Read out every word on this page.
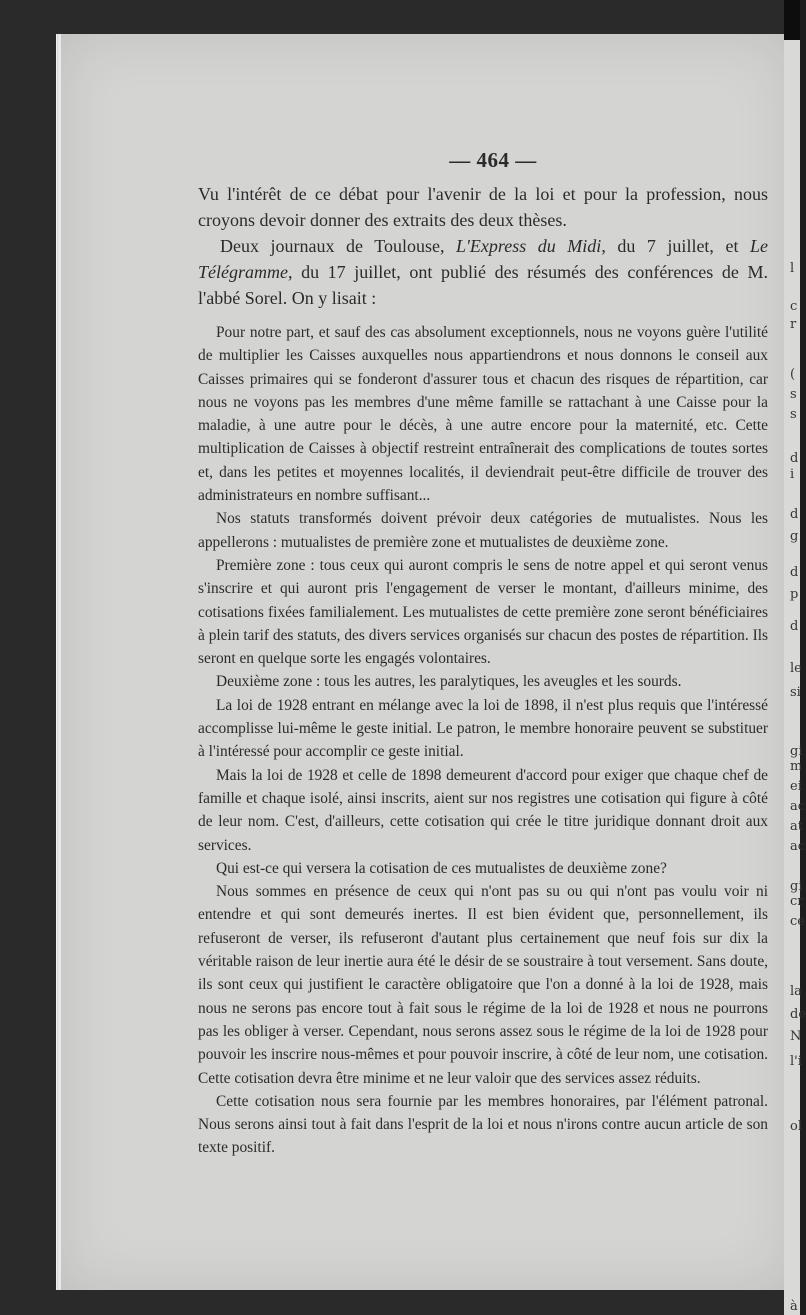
l
c
r
(
s
s
d
i
d
g
d
p
d
le
si
gi
m
ei
ac
at
ac
gi
cr
ce
la
de
N
l'i
ol
à
— 464 —

Vu l'intérêt de ce débat pour l'avenir de la loi et pour la profession, nous croyons devoir donner des extraits des deux thèses.

Deux journaux de Toulouse, L'Express du Midi, du 7 juillet, et Le Télégramme, du 17 juillet, ont publié des résumés des conférences de M. l'abbé Sorel. On y lisait :

Pour notre part, et sauf des cas absolument exceptionnels, nous ne voyons guère l'utilité de multiplier les Caisses auxquelles nous appartiendrons et nous donnons le conseil aux Caisses primaires qui se fonderont d'assurer tous et chacun des risques de répartition, car nous ne voyons pas les membres d'une même famille se rattachant à une Caisse pour la maladie, à une autre pour le décès, à une autre encore pour la maternité, etc. Cette multiplication de Caisses à objectif restreint entraînerait des complications de toutes sortes et, dans les petites et moyennes localités, il deviendrait peut-être difficile de trouver des administrateurs en nombre suffisant...

Nos statuts transformés doivent prévoir deux catégories de mutualistes. Nous les appellerons : mutualistes de première zone et mutualistes de deuxième zone.

Première zone : tous ceux qui auront compris le sens de notre appel et qui seront venus s'inscrire et qui auront pris l'engagement de verser le montant, d'ailleurs minime, des cotisations fixées familialement. Les mutualistes de cette première zone seront bénéficiaires à plein tarif des statuts, des divers services organisés sur chacun des postes de répartition. Ils seront en quelque sorte les engagés volontaires.

Deuxième zone : tous les autres, les paralytiques, les aveugles et les sourds.

La loi de 1928 entrant en mélange avec la loi de 1898, il n'est plus requis que l'intéressé accomplisse lui-même le geste initial. Le patron, le membre honoraire peuvent se substituer à l'intéressé pour accomplir ce geste initial.

Mais la loi de 1928 et celle de 1898 demeurent d'accord pour exiger que chaque chef de famille et chaque isolé, ainsi inscrits, aient sur nos registres une cotisation qui figure à côté de leur nom. C'est, d'ailleurs, cette cotisation qui crée le titre juridique donnant droit aux services.

Qui est-ce qui versera la cotisation de ces mutualistes de deuxième zone?

Nous sommes en présence de ceux qui n'ont pas su ou qui n'ont pas voulu voir ni entendre et qui sont demeurés inertes. Il est bien évident que, personnellement, ils refuseront de verser, ils refuseront d'autant plus certainement que neuf fois sur dix la véritable raison de leur inertie aura été le désir de se soustraire à tout versement. Sans doute, ils sont ceux qui justifient le caractère obligatoire que l'on a donné à la loi de 1928, mais nous ne serons pas encore tout à fait sous le régime de la loi de 1928 et nous ne pourrons pas les obliger à verser. Cependant, nous serons assez sous le régime de la loi de 1928 pour pouvoir les inscrire nous-mêmes et pour pouvoir inscrire, à côté de leur nom, une cotisation. Cette cotisation devra être minime et ne leur valoir que des services assez réduits.

Cette cotisation nous sera fournie par les membres honoraires, par l'élément patronal. Nous serons ainsi tout à fait dans l'esprit de la loi et nous n'irons contre aucun article de son texte positif.
